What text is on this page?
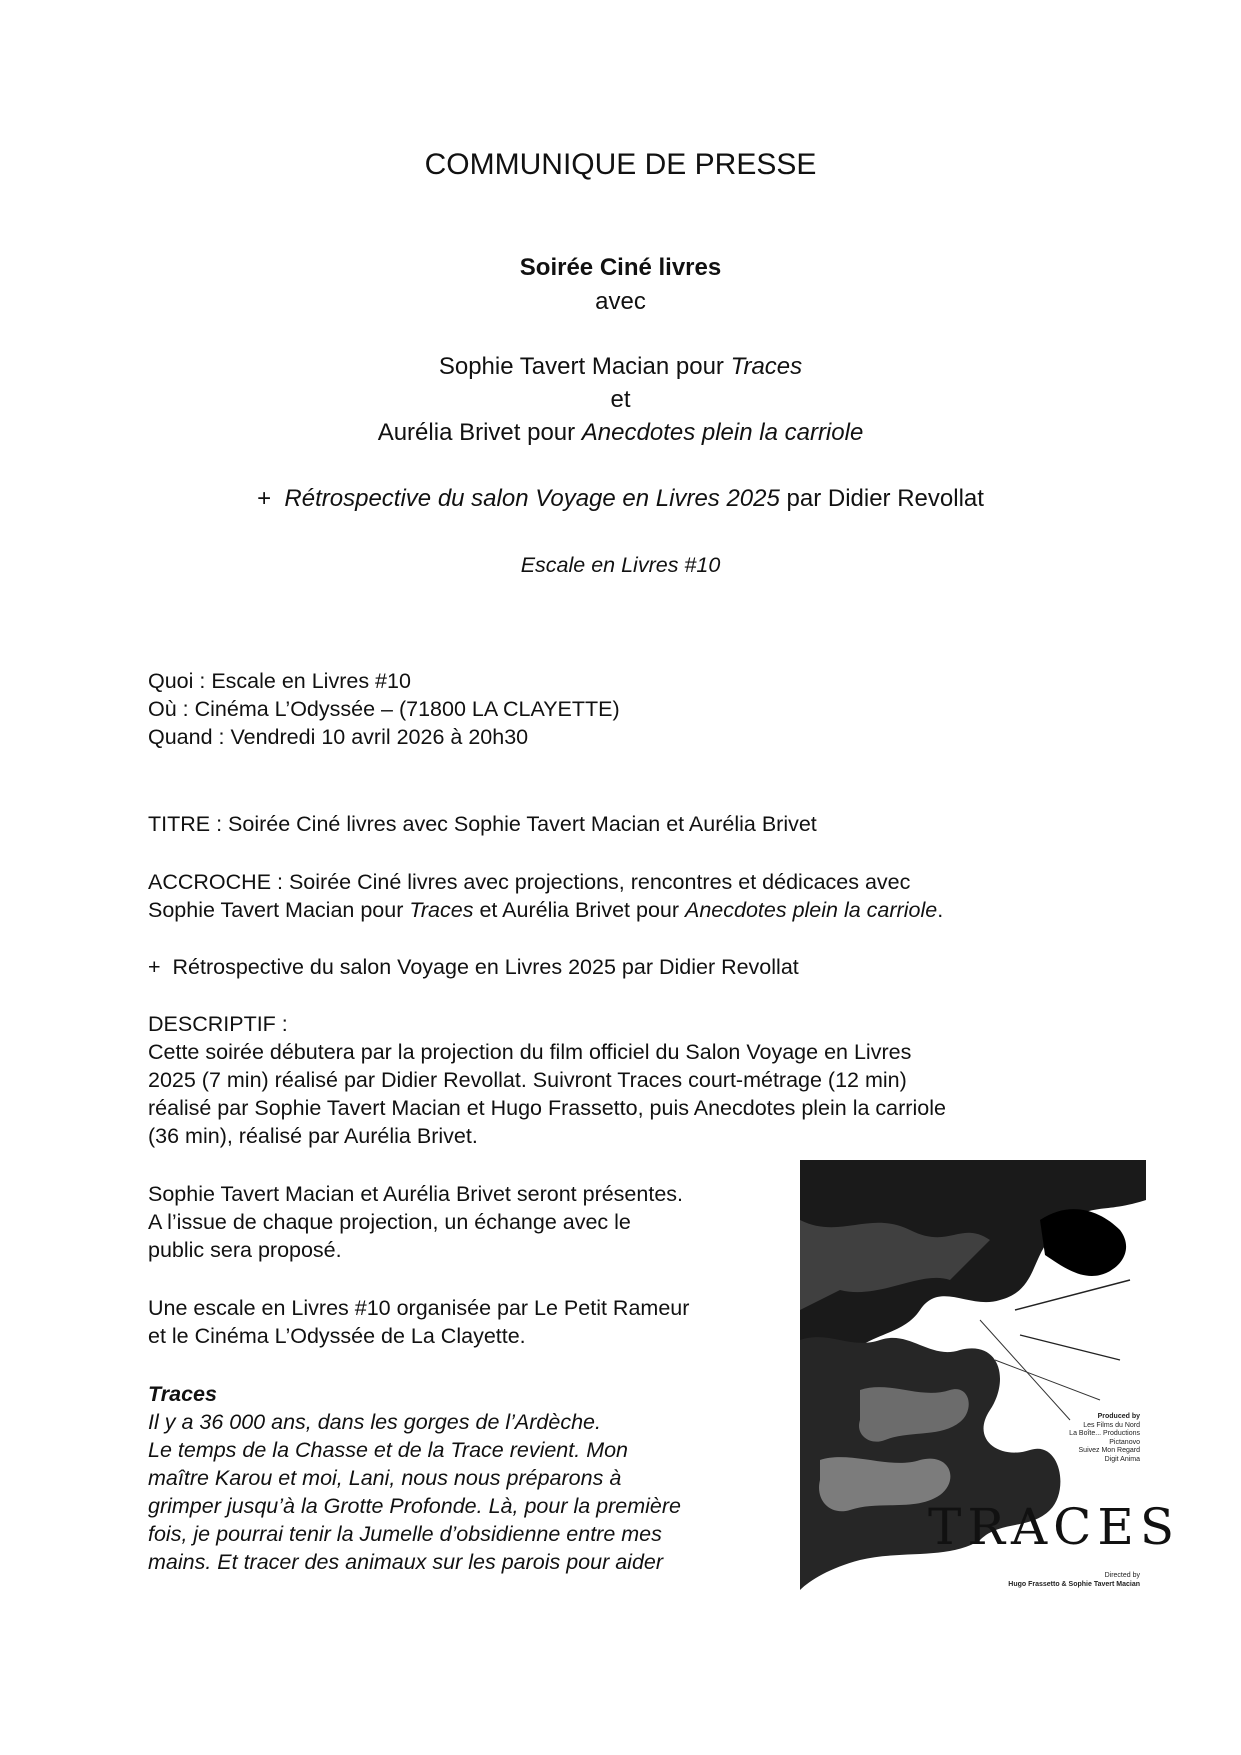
COMMUNIQUE DE PRESSE
Soirée Ciné livres
avec
Sophie Tavert Macian pour Traces
et
Aurélia Brivet pour Anecdotes plein la carriole
+  Rétrospective du salon Voyage en Livres 2025 par Didier Revollat
Escale en Livres #10
Quoi : Escale en Livres #10
Où : Cinéma L’Odyssée – (71800 LA CLAYETTE)
Quand : Vendredi 10 avril 2026 à 20h30
TITRE : Soirée Ciné livres avec Sophie Tavert Macian et Aurélia Brivet
ACCROCHE : Soirée Ciné livres avec projections, rencontres et dédicaces avec
Sophie Tavert Macian pour Traces et Aurélia Brivet pour Anecdotes plein la carriole.
+  Rétrospective du salon Voyage en Livres 2025 par Didier Revollat
DESCRIPTIF :
Cette soirée débutera par la projection du film officiel du Salon Voyage en Livres
2025 (7 min) réalisé par Didier Revollat. Suivront Traces court-métrage (12 min)
réalisé par Sophie Tavert Macian et Hugo Frassetto, puis Anecdotes plein la carriole
(36 min), réalisé par Aurélia Brivet.
Sophie Tavert Macian et Aurélia Brivet seront présentes.
A l’issue de chaque projection, un échange avec le
public sera proposé.
Une escale en Livres #10 organisée par Le Petit Rameur
et le Cinéma L’Odyssée de La Clayette.
Traces
Il y a 36 000 ans, dans les gorges de l’Ardèche.
Le temps de la Chasse et de la Trace revient. Mon
maître Karou et moi, Lani, nous nous préparons à
grimper jusqu’à la Grotte Profonde. Là, pour la première
fois, je pourrai tenir la Jumelle d’obsidienne entre mes
mains. Et tracer des animaux sur les parois pour aider
Produced by
Les Films du Nord
La Boîte... Productions
Pictanovo
Suivez Mon Regard
Digit Anima
TRACES
Directed by
Hugo Frassetto & Sophie Tavert Macian
